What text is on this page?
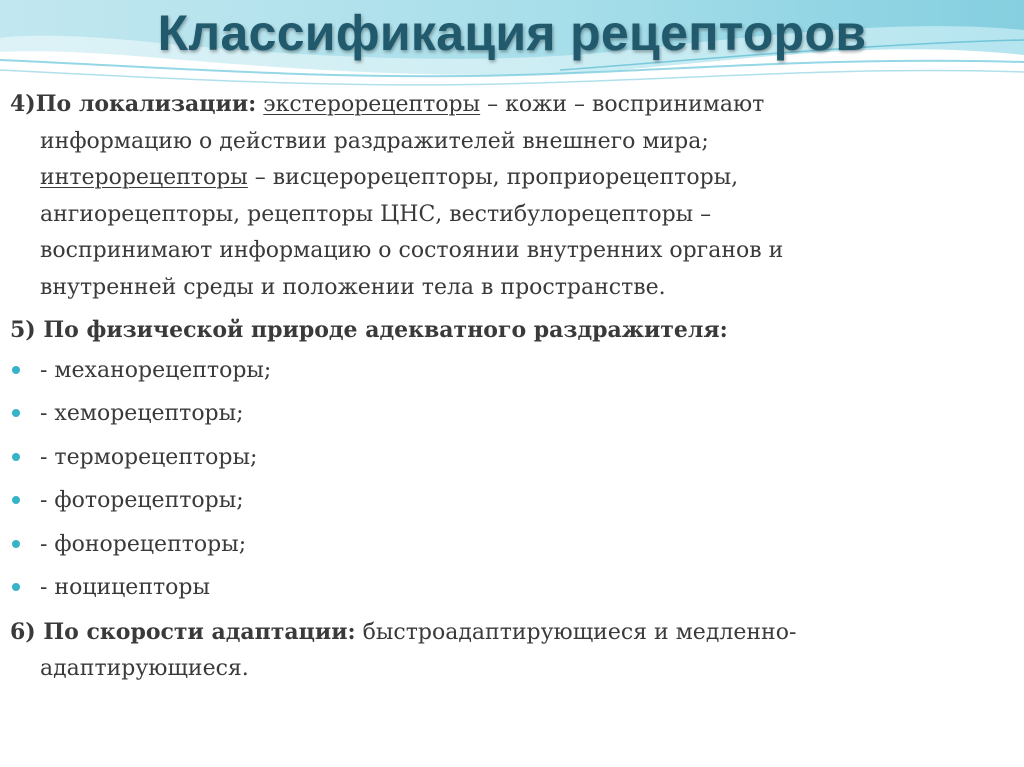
Классификация рецепторов
4)По локализации: экстерорецепторы – кожи – воспринимают
информацию о действии раздражителей внешнего мира;
интерорецепторы – висцерорецепторы, проприорецепторы,
ангиорецепторы, рецепторы ЦНС, вестибулорецепторы –
воспринимают информацию о состоянии внутренних органов и
внутренней среды и положении тела в пространстве.
5) По физической природе адекватного раздражителя:
- механорецепторы;
- хеморецепторы;
- терморецепторы;
- фоторецепторы;
- фонорецепторы;
- ноцицепторы
6) По скорости адаптации: быстроадаптирующиеся и медленно-
адаптирующиеся.
